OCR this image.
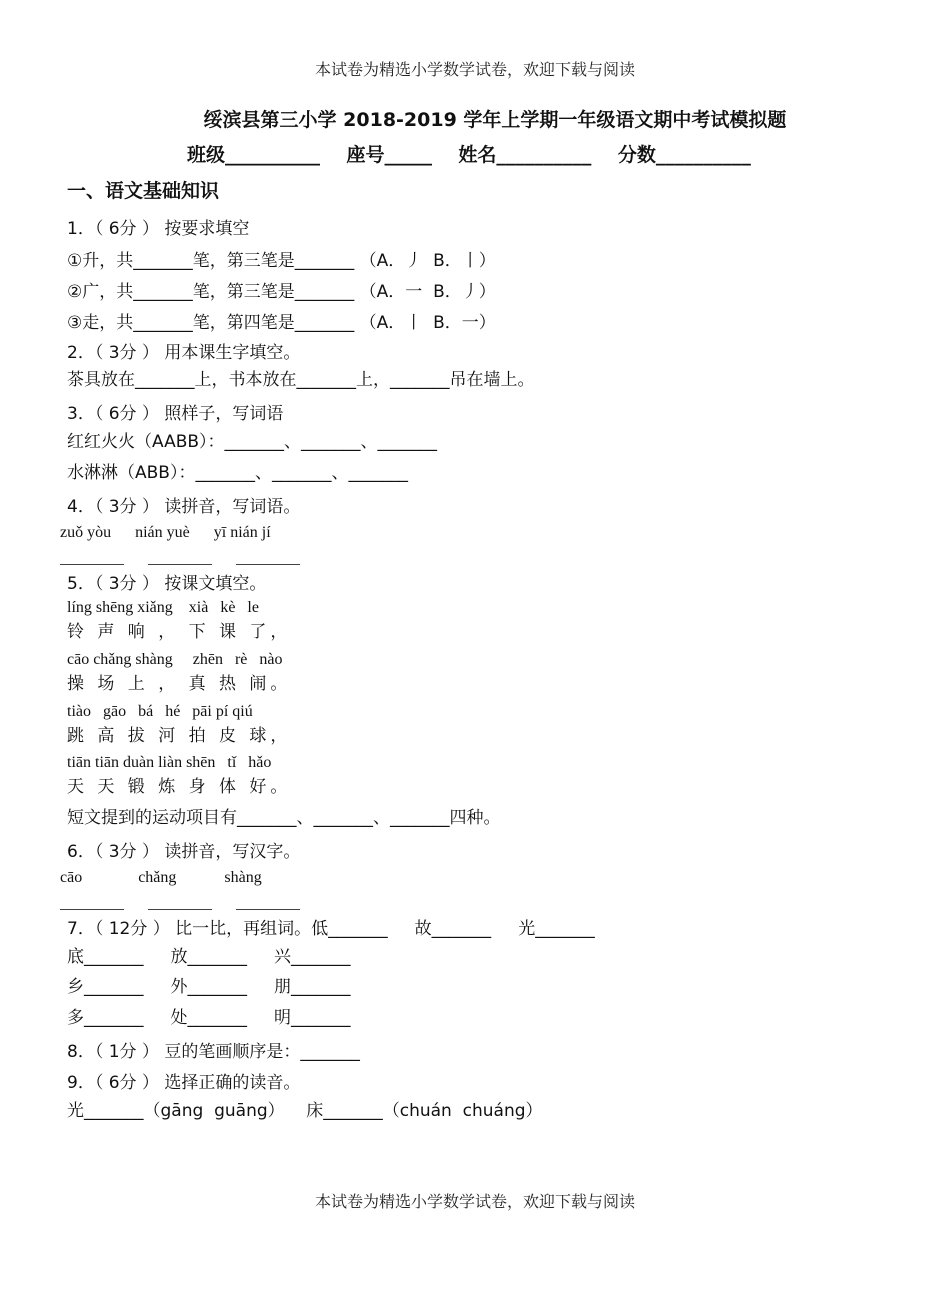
本试卷为精选小学数学试卷，欢迎下载与阅读
绥滨县第三小学 2018-2019 学年上学期一年级语文期中考试模拟题
班级__________    座号_____    姓名__________    分数__________
一、语文基础知识
1．（ 6分 ） 按要求填空
①升，共_______笔，第三笔是_______ （A．丿  B．丨）
②广，共_______笔，第三笔是_______ （A．一  B．丿）
③走，共_______笔，第四笔是_______ （A．丨  B．一）
2．（ 3分 ） 用本课生字填空。
茶具放在_______上，书本放在_______上，_______吊在墙上。
3．（ 6分 ） 照样子，写词语
红红火火（AABB）：_______、_______、_______
水淋淋（ABB）：_______、_______、_______
4．（ 3分 ） 读拼音，写词语。
zuǒ yòu      nián yuè      yī nián jí
________      ________      ________
5．（ 3分 ） 按课文填空。
líng shēng xiǎng    xià   kè   le
铃 声 响 ， 下 课 了，
cāo chǎng shàng     zhēn   rè   nào
操 场 上 ， 真 热 闹。
tiào   gāo   bá   hé   pāi pí qiú
跳 高 拔 河 拍 皮 球，
tiān tiān duàn liàn shēn   tǐ   hǎo
天 天 锻 炼 身 体 好。
短文提到的运动项目有_______、_______、_______四种。
6．（ 3分 ） 读拼音，写汉字。
cāo              chǎng            shàng
________      ________      ________
7．（ 12分 ） 比一比，再组词。低_______     故_______     光_______
底_______     放_______     兴_______
乡_______     外_______     朋_______
多_______     处_______     明_______
8．（ 1分 ） 豆的笔画顺序是：_______
9．（ 6分 ） 选择正确的读音。
光_______（gāng  guāng）    床_______（chuán  chuáng）
本试卷为精选小学数学试卷，欢迎下载与阅读
